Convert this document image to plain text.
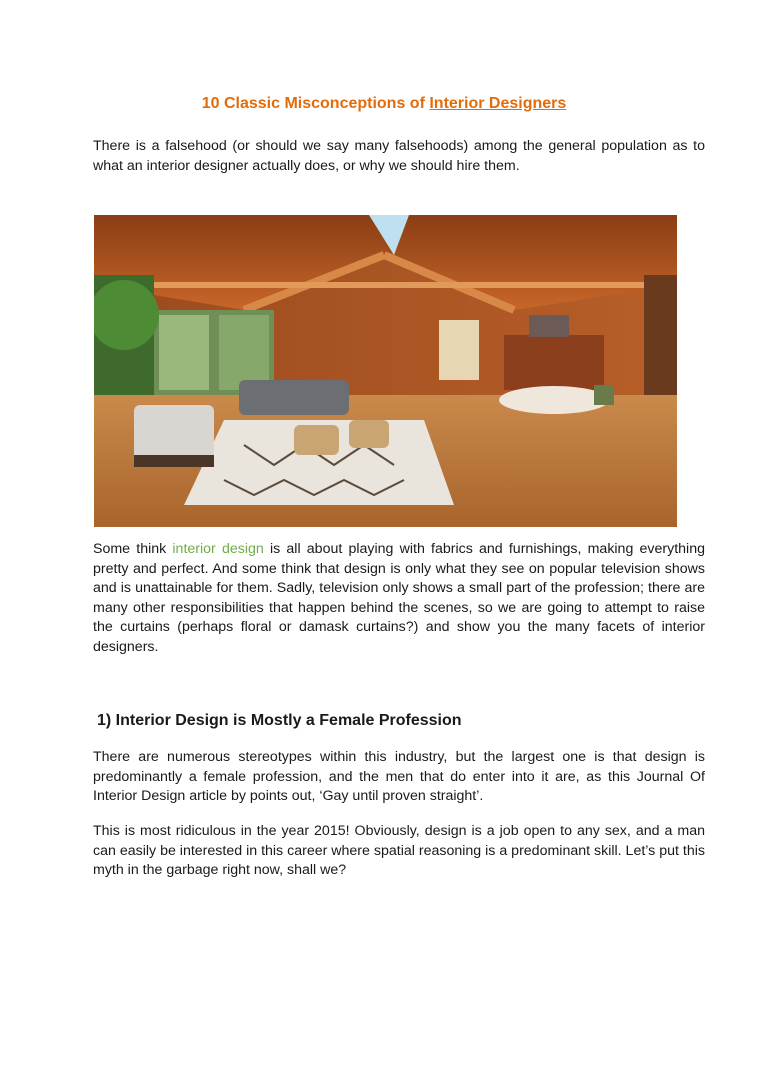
10 Classic Misconceptions of Interior Designers

There is a falsehood (or should we say many falsehoods) among the general population as to what an interior designer actually does, or why we should hire them.

Some think interior design is all about playing with fabrics and furnishings, making everything pretty and perfect. And some think that design is only what they see on popular television shows and is unattainable for them. Sadly, television only shows a small part of the profession; there are many other responsibilities that happen behind the scenes, so we are going to attempt to raise the curtains (perhaps floral or damask curtains?) and show you the many facets of interior designers.

1) Interior Design is Mostly a Female Profession

There are numerous stereotypes within this industry, but the largest one is that design is predominantly a female profession, and the men that do enter into it are, as this Journal Of Interior Design article by points out, ‘Gay until proven straight’.

This is most ridiculous in the year 2015! Obviously, design is a job open to any sex, and a man can easily be interested in this career where spatial reasoning is a predominant skill. Let’s put this myth in the garbage right now, shall we?
